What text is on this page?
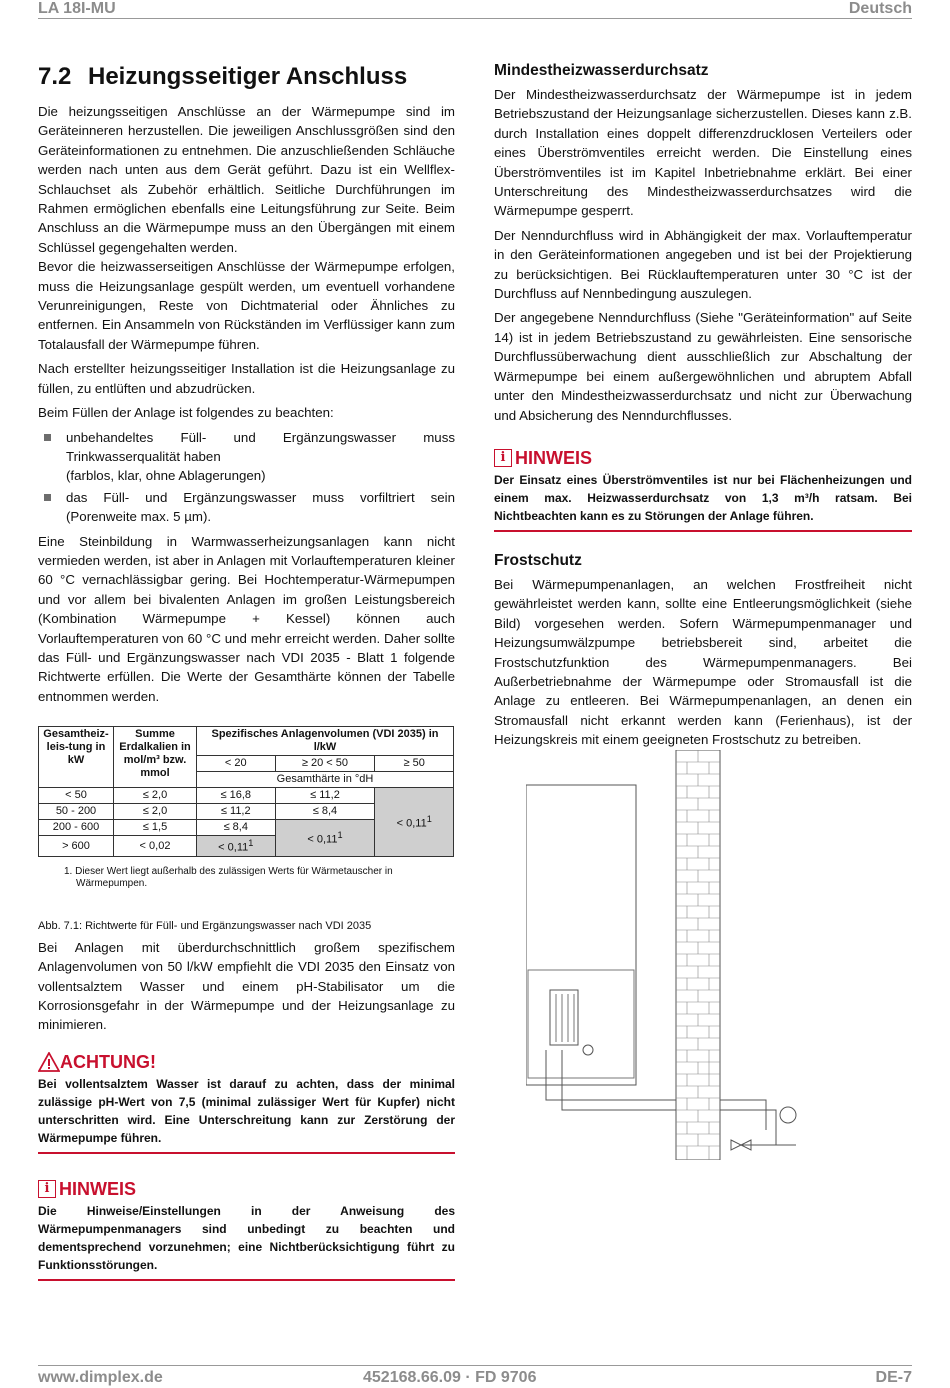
LA 18I-MU	Deutsch
7.2 Heizungsseitiger Anschluss

Die heizungsseitigen Anschlüsse an der Wärmepumpe sind im Geräteinneren herzustellen. Die jeweiligen Anschlussgrößen sind den Geräteinformationen zu entnehmen. Die anzuschließenden Schläuche werden nach unten aus dem Gerät geführt. Dazu ist ein Wellflex-Schlauchset als Zubehör erhältlich. Seitliche Durchführungen im Rahmen ermöglichen ebenfalls eine Leitungsführung zur Seite. Beim Anschluss an die Wärmepumpe muss an den Übergängen mit einem Schlüssel gegengehalten werden.

Bevor die heizwasserseitigen Anschlüsse der Wärmepumpe erfolgen, muss die Heizungsanlage gespült werden, um eventuell vorhandene Verunreinigungen, Reste von Dichtmaterial oder Ähnliches zu entfernen. Ein Ansammeln von Rückständen im Verflüssiger kann zum Totalausfall der Wärmepumpe führen.

Nach erstellter heizungsseitiger Installation ist die Heizungsanlage zu füllen, zu entlüften und abzudrücken.

Beim Füllen der Anlage ist folgendes zu beachten:

unbehandeltes Füll- und Ergänzungswasser muss Trinkwasserqualität haben
(farblos, klar, ohne Ablagerungen)
das Füll- und Ergänzungswasser muss vorfiltriert sein (Porenweite max. 5 µm).

Eine Steinbildung in Warmwasserheizungsanlagen kann nicht vermieden werden, ist aber in Anlagen mit Vorlauftemperaturen kleiner 60 °C vernachlässigbar gering. Bei Hochtemperatur-Wärmepumpen und vor allem bei bivalenten Anlagen im großen Leistungsbereich (Kombination Wärmepumpe + Kessel) können auch Vorlauftemperaturen von 60 °C und mehr erreicht werden. Daher sollte das Füll- und Ergänzungswasser nach VDI 2035 - Blatt 1 folgende Richtwerte erfüllen. Die Werte der Gesamthärte können der Tabelle entnommen werden.

Gesamtheiz-leis-tung in kW	Summe Erdalkalien in mol/m³ bzw. mmol	Spezifisches Anlagenvolumen (VDI 2035) in l/kW		
		< 20	≥ 20 < 50	≥ 50
		Gesamthärte in °dH		
< 50	≤ 2,0	≤ 16,8	≤ 11,2	< $0,11^1$
50 - 200	≤ 2,0	≤ 11,2	≤ 8,4	
200 - 600	≤ 1,5	≤ 8,4	< $0,11^1$
> 600	< 0,02	< $0,11^1$
1. Dieser Wert liegt außerhalb des zulässigen Werts für Wärmetauscher in Wärmepumpen.
Abb. 7.1: Richtwerte für Füll- und Ergänzungswasser nach VDI 2035

Bei Anlagen mit überdurchschnittlich großem spezifischem Anlagenvolumen von 50 l/kW empfiehlt die VDI 2035 den Einsatz von vollentsalztem Wasser und einem pH-Stabilisator um die Korrosionsgefahr in der Wärmepumpe und der Heizungsanlage zu minimieren.

ACHTUNG!
Bei vollentsalztem Wasser ist darauf zu achten, dass der minimal zulässige pH-Wert von 7,5 (minimal zulässiger Wert für Kupfer) nicht unterschritten wird. Eine Unterschreitung kann zur Zerstörung der Wärmepumpe führen.
i HINWEIS
Die Hinweise/Einstellungen in der Anweisung des Wärmepumpenmanagers sind unbedingt zu beachten und dementsprechend vorzunehmen; eine Nichtberücksichtigung führt zu Funktionsstörungen.
Mindestheizwasserdurchsatz

Der Mindestheizwasserdurchsatz der Wärmepumpe ist in jedem Betriebszustand der Heizungsanlage sicherzustellen. Dieses kann z.B. durch Installation eines doppelt differenzdrucklosen Verteilers oder eines Überströmventiles erreicht werden. Die Einstellung eines Überströmventiles ist im Kapitel Inbetriebnahme erklärt. Bei einer Unterschreitung des Mindestheizwasserdurchsatzes wird die Wärmepumpe gesperrt.

Der Nenndurchfluss wird in Abhängigkeit der max. Vorlauftemperatur in den Geräteinformationen angegeben und ist bei der Projektierung zu berücksichtigen. Bei Rücklauftemperaturen unter 30 °C ist der Durchfluss auf Nennbedingung auszulegen.

Der angegebene Nenndurchfluss (Siehe "Geräteinformation" auf Seite 14) ist in jedem Betriebszustand zu gewährleisten. Eine sensorische Durchflussüberwachung dient ausschließlich zur Abschaltung der Wärmepumpe bei einem außergewöhnlichen und abruptem Abfall unter den Mindestheizwasserdurchsatz und nicht zur Überwachung und Absicherung des Nenndurchflusses.

i HINWEIS
Der Einsatz eines Überströmventiles ist nur bei Flächenheizungen und einem max. Heizwasserdurchsatz von 1,3 m³/h ratsam. Bei Nichtbeachten kann es zu Störungen der Anlage führen.
Frostschutz

Bei Wärmepumpenanlagen, an welchen Frostfreiheit nicht gewährleistet werden kann, sollte eine Entleerungsmöglichkeit (siehe Bild) vorgesehen werden. Sofern Wärmepumpenmanager und Heizungsumwälzpumpe betriebsbereit sind, arbeitet die Frostschutzfunktion des Wärmepumpenmanagers. Bei Außerbetriebnahme der Wärmepumpe oder Stromausfall ist die Anlage zu entleeren. Bei Wärmepumpenanlagen, an denen ein Stromausfall nicht erkannt werden kann (Ferienhaus), ist der Heizungskreis mit einem geeigneten Frostschutz zu betreiben.

www.dimplex.de	452168.66.09 · FD 9706	DE-7
